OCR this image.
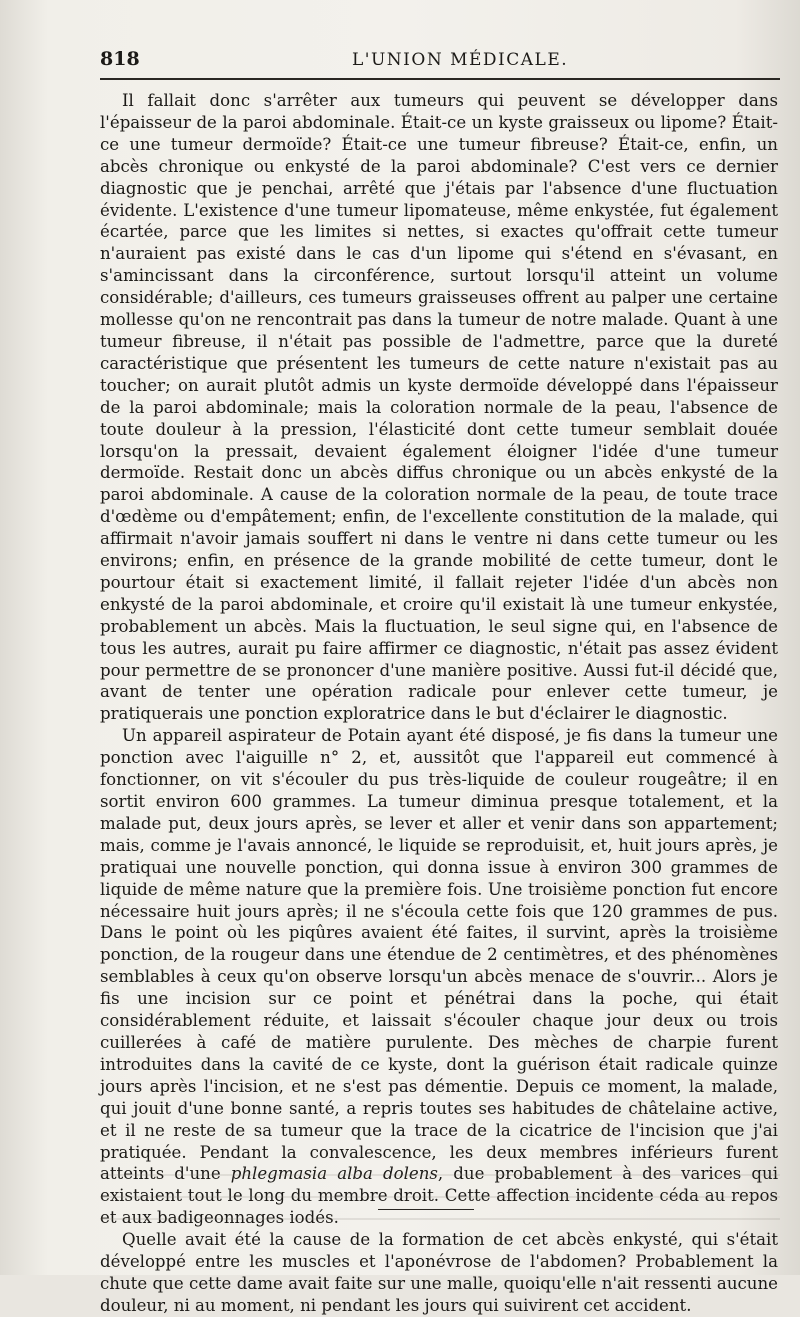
818	L'UNION MÉDICALE.

Il fallait donc s'arrêter aux tumeurs qui peuvent se développer dans l'épaisseur de la paroi abdominale. Était-ce un kyste graisseux ou lipome? Était-ce une tumeur dermoïde? Était-ce une tumeur fibreuse? Était-ce, enfin, un abcès chronique ou enkysté de la paroi abdominale? C'est vers ce dernier diagnostic que je penchai, arrêté que j'étais par l'absence d'une fluctuation évidente. L'existence d'une tumeur lipomateuse, même enkystée, fut également écartée, parce que les limites si nettes, si exactes qu'offrait cette tumeur n'auraient pas existé dans le cas d'un lipome qui s'étend en s'évasant, en s'amincissant dans la circonférence, surtout lorsqu'il atteint un volume considérable; d'ailleurs, ces tumeurs graisseuses offrent au palper une certaine mollesse qu'on ne rencontrait pas dans la tumeur de notre malade. Quant à une tumeur fibreuse, il n'était pas possible de l'admettre, parce que la dureté caractéristique que présentent les tumeurs de cette nature n'existait pas au toucher; on aurait plutôt admis un kyste dermoïde développé dans l'épaisseur de la paroi abdominale; mais la coloration normale de la peau, l'absence de toute douleur à la pression, l'élasticité dont cette tumeur semblait douée lorsqu'on la pressait, devaient également éloigner l'idée d'une tumeur dermoïde. Restait donc un abcès diffus chronique ou un abcès enkysté de la paroi abdominale. A cause de la coloration normale de la peau, de toute trace d'œdème ou d'empâtement; enfin, de l'excellente constitution de la malade, qui affirmait n'avoir jamais souffert ni dans le ventre ni dans cette tumeur ou les environs; enfin, en présence de la grande mobilité de cette tumeur, dont le pourtour était si exactement limité, il fallait rejeter l'idée d'un abcès non enkysté de la paroi abdominale, et croire qu'il existait là une tumeur enkystée, probablement un abcès. Mais la fluctuation, le seul signe qui, en l'absence de tous les autres, aurait pu faire affirmer ce diagnostic, n'était pas assez évident pour permettre de se prononcer d'une manière positive. Aussi fut-il décidé que, avant de tenter une opération radicale pour enlever cette tumeur, je pratiquerais une ponction exploratrice dans le but d'éclairer le diagnostic.

Un appareil aspirateur de Potain ayant été disposé, je fis dans la tumeur une ponction avec l'aiguille n° 2, et, aussitôt que l'appareil eut commencé à fonctionner, on vit s'écouler du pus très-liquide de couleur rougeâtre; il en sortit environ 600 grammes. La tumeur diminua presque totalement, et la malade put, deux jours après, se lever et aller et venir dans son appartement; mais, comme je l'avais annoncé, le liquide se reproduisit, et, huit jours après, je pratiquai une nouvelle ponction, qui donna issue à environ 300 grammes de liquide de même nature que la première fois. Une troisième ponction fut encore nécessaire huit jours après; il ne s'écoula cette fois que 120 grammes de pus. Dans le point où les piqûres avaient été faites, il survint, après la troisième ponction, de la rougeur dans une étendue de 2 centimètres, et des phénomènes semblables à ceux qu'on observe lorsqu'un abcès menace de s'ouvrir... Alors je fis une incision sur ce point et pénétrai dans la poche, qui était considérablement réduite, et laissait s'écouler chaque jour deux ou trois cuillerées à café de matière purulente. Des mèches de charpie furent introduites dans la cavité de ce kyste, dont la guérison était radicale quinze jours après l'incision, et ne s'est pas démentie. Depuis ce moment, la malade, qui jouit d'une bonne santé, a repris toutes ses habitudes de châtelaine active, et il ne reste de sa tumeur que la trace de la cicatrice de l'incision que j'ai pratiquée. Pendant la convalescence, les deux membres inférieurs furent atteints d'une phlegmasia alba dolens, due probablement à des varices qui existaient tout le long du membre droit. Cette affection incidente céda au repos et aux badigeonnages iodés.

Quelle avait été la cause de la formation de cet abcès enkysté, qui s'était développé entre les muscles et l'aponévrose de l'abdomen? Probablement la chute que cette dame avait faite sur une malle, quoiqu'elle n'ait ressenti aucune douleur, ni au moment, ni pendant les jours qui suivirent cet accident.
